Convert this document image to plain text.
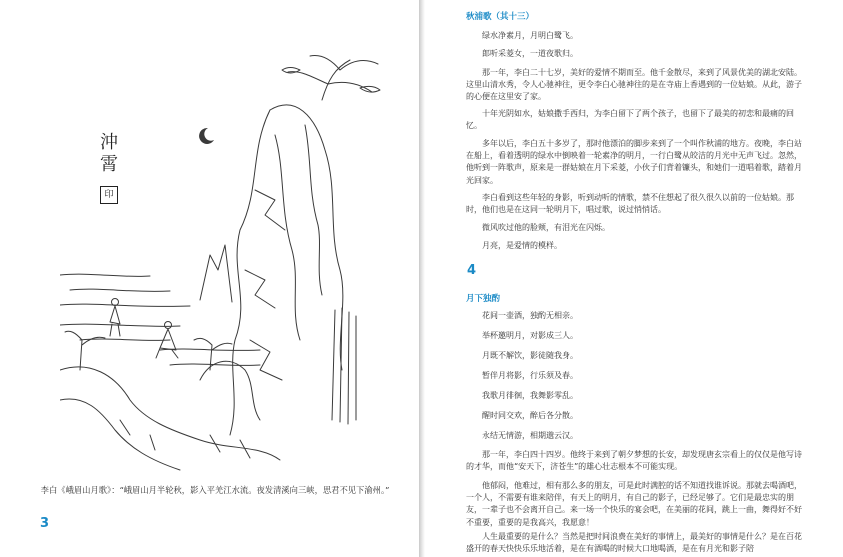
沖霄
印

李白《峨眉山月歌》：“峨眉山月半轮秋，影入平羌江水流。夜发清溪向三峡，思君不见下渝州。”

3
秋浦歌（其十三）

绿水净素月，月明白鹭飞。

郎听采菱女，一道夜歌归。

那一年，李白二十七岁，美好的爱情不期而至。他千金散尽，来到了风景优美的湖北安陆。这里山清水秀，令人心驰神往，更令李白心驰神往的是在寺庙上香遇到的一位姑娘。从此，游子的心便在这里安了家。

十年光阴如水，姑娘撒手西归，为李白留下了两个孩子，也留下了最美的初恋和最痛的回忆。

多年以后，李白五十多岁了，那时他漂泊的脚步来到了一个叫作秋浦的地方。夜晚，李白站在船上，看着透明的绿水中倒映着一轮素净的明月，一行白鹭从皎洁的月光中无声飞过。忽然，他听到一阵歌声，原来是一群姑娘在月下采菱，小伙子们背着镰头，和她们一道唱着歌，踏着月光回家。

李白看到这些年轻的身影，听到动听的情歌，禁不住想起了很久很久以前的一位姑娘。那时，他们也是在这同一轮明月下，唱过歌，说过悄悄话。

微风吹过他的脸颊，有泪光在闪烁。

月亮，是爱情的模样。

4
月下独酌

花间一壶酒，独酌无相亲。

举杯邀明月，对影成三人。

月既不解饮，影徒随我身。

暂伴月将影，行乐须及春。

我歌月徘徊，我舞影零乱。

醒时同交欢，醉后各分散。

永结无情游，相期邈云汉。

那一年，李白四十四岁。他终于来到了朝夕梦想的长安，却发现唐玄宗看上的仅仅是他写诗的才华，而他“安天下，济苍生”的雄心壮志根本不可能实现。

他郁闷，他难过，相有那么多的朋友，可是此时满腔的话不知道找谁诉说。那就去喝酒吧，一个人，不需要有谁来陪伴，有天上的明月，有自己的影子，已经足够了。它们是最忠实的朋友，一辈子也不会离开自己。来一场一个快乐的宴会吧，在美丽的花间，跳上一曲，舞得好不好不重要，重要的是我高兴，我愿意！

人生最重要的是什么？当然是把时间浪费在美好的事情上，最美好的事情是什么？是在百花盛开的春天快快乐乐地活着，是在有酒喝的时候大口地喝酒，是在有月光和影子陪
